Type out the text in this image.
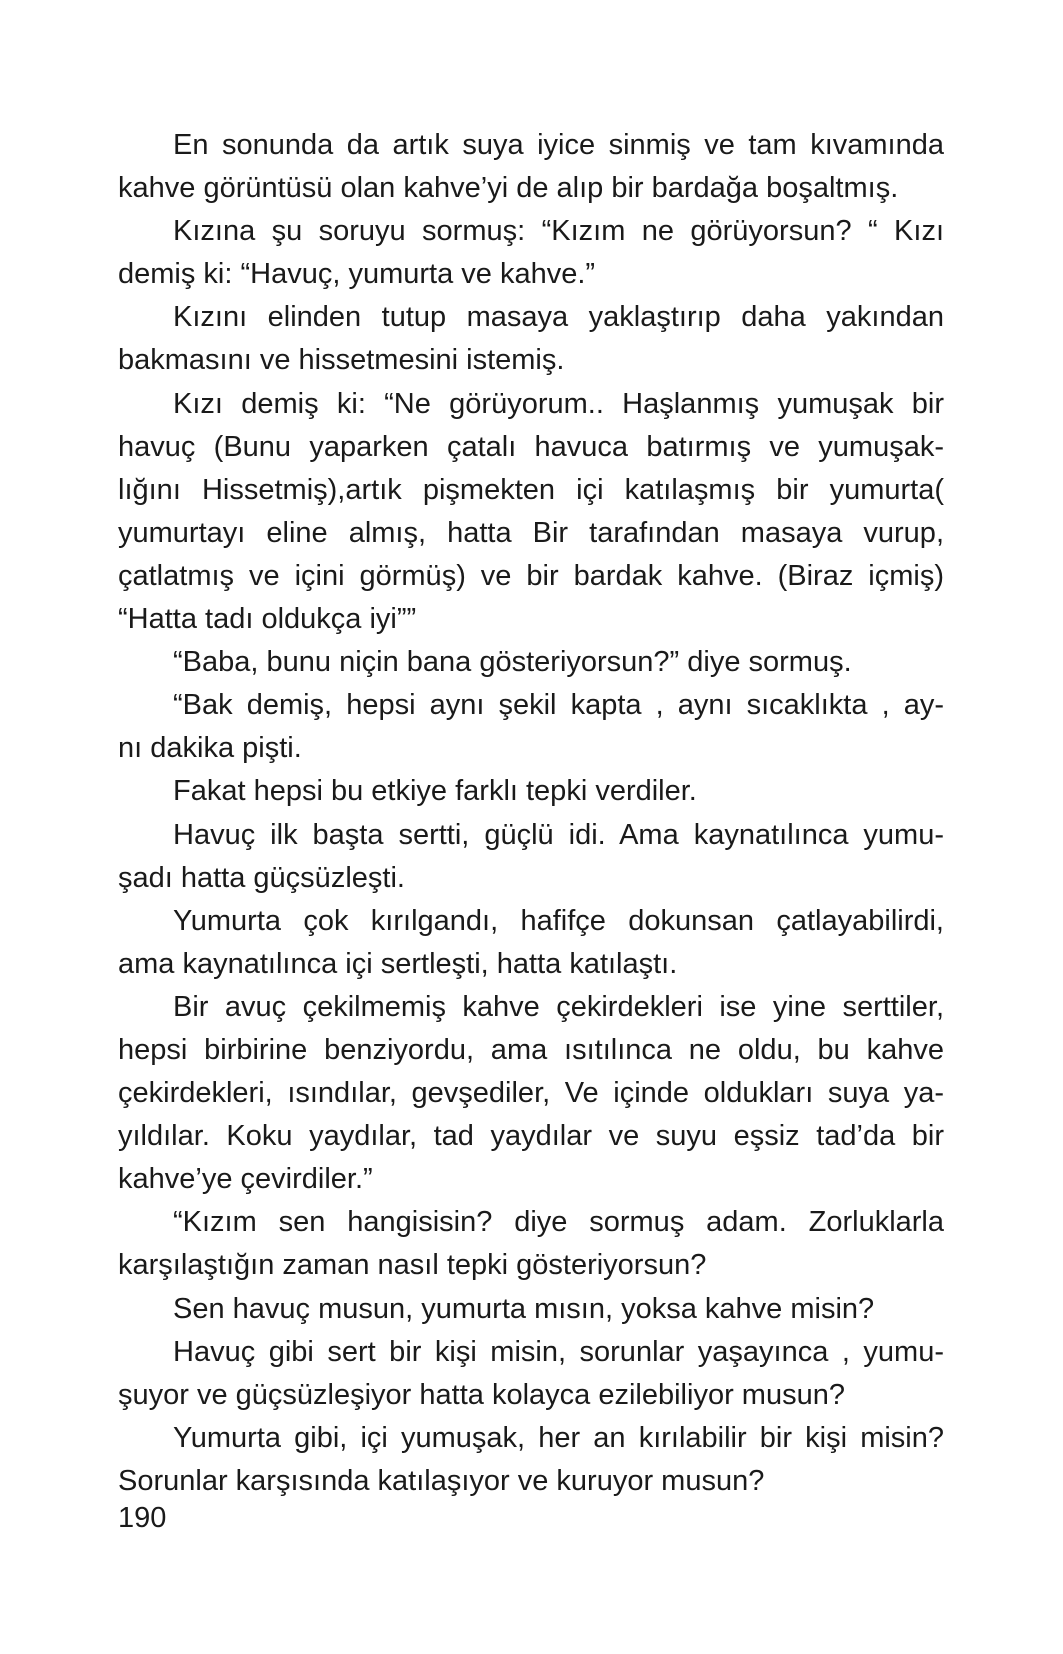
En sonunda da artık suya iyice sinmiş ve tam kıvamında
kahve görüntüsü olan kahve’yi de alıp bir bardağa boşaltmış.

Kızına şu soruyu sormuş: “Kızım ne görüyorsun? “ Kızı
demiş ki: “Havuç, yumurta ve kahve.”

Kızını elinden tutup masaya yaklaştırıp daha yakından
bakmasını ve hissetmesini istemiş.

Kızı demiş ki: “Ne görüyorum.. Haşlanmış yumuşak bir
havuç (Bunu yaparken çatalı havuca batırmış ve yumuşak-
lığını Hissetmiş),artık pişmekten içi katılaşmış bir yumurta(
yumurtayı eline almış, hatta Bir tarafından masaya vurup,
çatlatmış ve içini görmüş) ve bir bardak kahve. (Biraz içmiş)
“Hatta tadı oldukça iyi””

“Baba, bunu niçin bana gösteriyorsun?” diye sormuş.

“Bak demiş, hepsi aynı şekil kapta , aynı sıcaklıkta , ay-
nı dakika pişti.

Fakat hepsi bu etkiye farklı tepki verdiler.

Havuç ilk başta sertti, güçlü idi. Ama kaynatılınca yumu-
şadı hatta güçsüzleşti.

Yumurta çok kırılgandı, hafifçe dokunsan çatlayabilirdi,
ama kaynatılınca içi sertleşti, hatta katılaştı.

Bir avuç çekilmemiş kahve çekirdekleri ise yine serttiler,
hepsi birbirine benziyordu, ama ısıtılınca ne oldu, bu kahve
çekirdekleri, ısındılar, gevşediler, Ve içinde oldukları suya ya-
yıldılar. Koku yaydılar, tad yaydılar ve suyu eşsiz tad’da bir
kahve’ye çevirdiler.”

“Kızım sen hangisisin? diye sormuş adam. Zorluklarla
karşılaştığın zaman nasıl tepki gösteriyorsun?

Sen havuç musun, yumurta mısın, yoksa kahve misin?

Havuç gibi sert bir kişi misin, sorunlar yaşayınca , yumu-
şuyor ve güçsüzleşiyor hatta kolayca ezilebiliyor musun?

Yumurta gibi, içi yumuşak, her an kırılabilir bir kişi misin?
Sorunlar karşısında katılaşıyor ve kuruyor musun?

190
